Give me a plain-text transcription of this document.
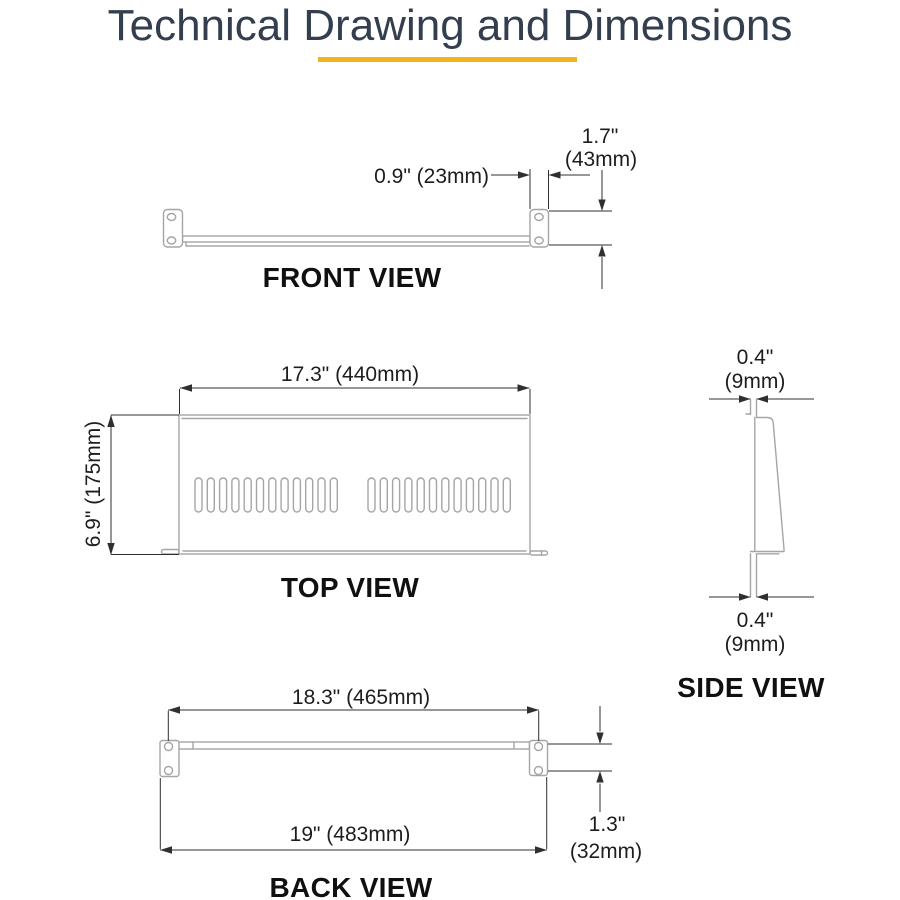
Technical Drawing and Dimensions
0.9" (23mm)
1.7"
(43mm)
FRONT VIEW
17.3" (440mm)
6.9" (175mm)
TOP VIEW
0.4"
(9mm)
0.4"
(9mm)
SIDE VIEW
18.3" (465mm)
19" (483mm)	1.3"
(32mm)
BACK VIEW
